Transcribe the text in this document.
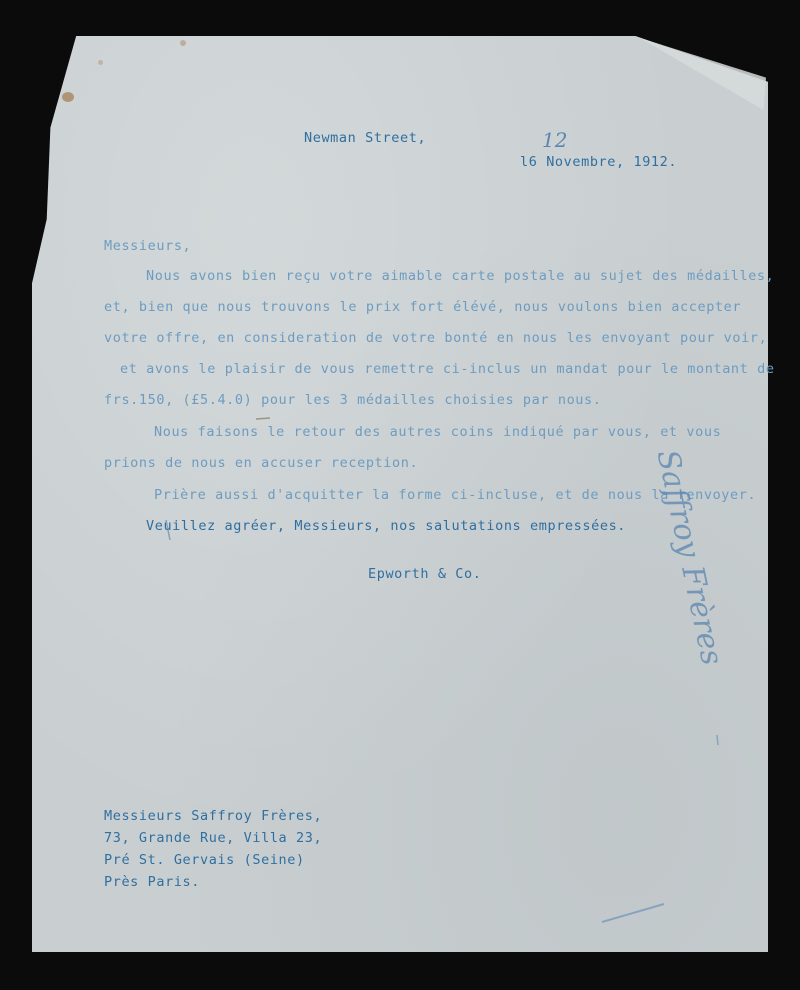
Newman Street,	12
l6 Novembre, 1912.
Messieurs,
Nous avons bien reçu votre aimable carte postale au sujet des médailles,
et, bien que nous trouvons le prix fort élévé, nous voulons bien accepter
votre offre, en consideration de votre bonté en nous les envoyant pour voir,
et avons le plaisir de vous remettre ci-inclus un mandat pour le montant de
frs.150, (£5.4.0) pour les 3 médailles choisies par nous.
Nous faisons le retour des autres coins indiqué par vous, et vous
prions de nous en accuser reception.
Prière aussi d'acquitter la forme ci-incluse, et de nous la renvoyer.
Veuillez agréer, Messieurs, nos salutations empressées.
Epworth & Co.
Messieurs Saffroy Frères,
73, Grande Rue, Villa 23,
Pré St. Gervais (Seine)
Près Paris.
Saffroy Frères
